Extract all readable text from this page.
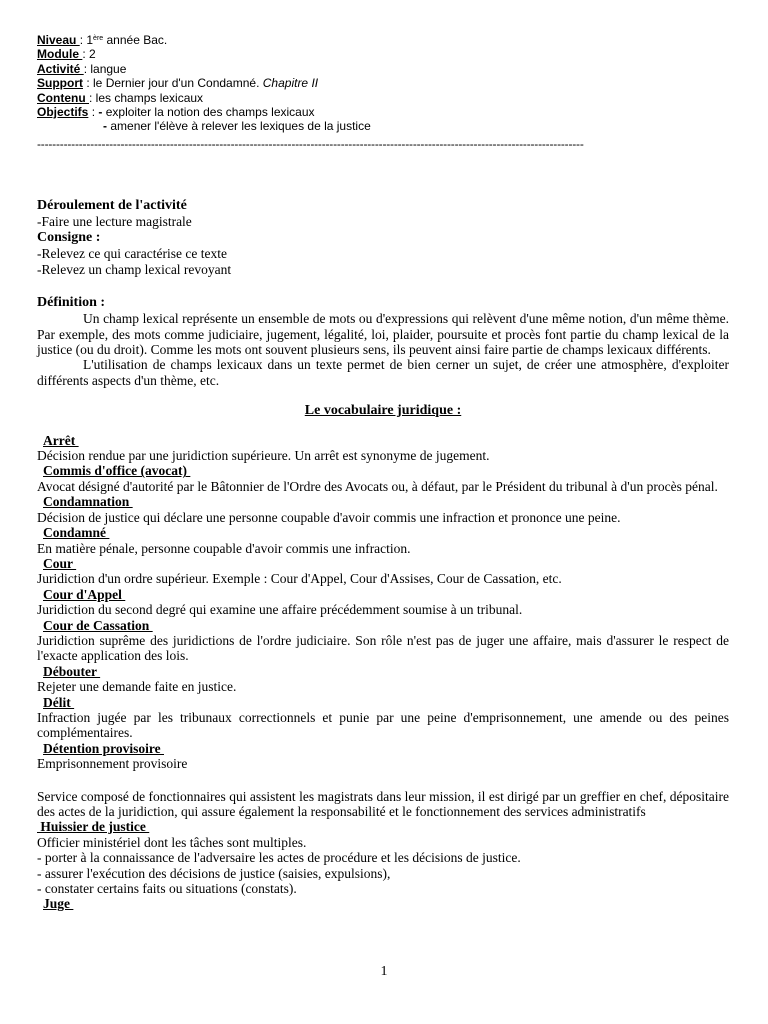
Niveau : 1ère année Bac.
Module : 2
Activité : langue
Support : le Dernier jour d'un Condamné. Chapitre II
Contenu : les champs lexicaux
Objectifs : - exploiter la notion des champs lexicaux
- amener l'élève à relever les lexiques de la justice
------------------------------------------------------------------------------------------------------------------------------------------------
Déroulement de l'activité
-Faire une lecture magistrale
Consigne :
-Relevez ce qui caractérise ce texte
-Relevez un champ lexical revoyant
Définition :
Un champ lexical représente un ensemble de mots ou d'expressions qui relèvent d'une même notion, d'un même thème. Par exemple, des mots comme judiciaire, jugement, légalité, loi, plaider, poursuite et procès font partie du champ lexical de la justice (ou du droit). Comme les mots ont souvent plusieurs sens, ils peuvent ainsi faire partie de champs lexicaux différents.
L'utilisation de champs lexicaux dans un texte permet de bien cerner un sujet, de créer une atmosphère, d'exploiter différents aspects d'un thème, etc.
Le vocabulaire juridique :
Arrêt
Décision rendue par une juridiction supérieure. Un arrêt est synonyme de jugement.
Commis d'office (avocat)
Avocat désigné d'autorité par le Bâtonnier de l'Ordre des Avocats ou, à défaut, par le Président du tribunal à d'un procès pénal.
Condamnation
Décision de justice qui déclare une personne coupable d'avoir commis une infraction et prononce une peine.
Condamné
En matière pénale, personne coupable d'avoir commis une infraction.
Cour
Juridiction d'un ordre supérieur. Exemple : Cour d'Appel, Cour d'Assises, Cour de Cassation, etc.
Cour d'Appel
Juridiction du second degré qui examine une affaire précédemment soumise à un tribunal.
Cour de Cassation
Juridiction suprême des juridictions de l'ordre judiciaire. Son rôle n'est pas de juger une affaire, mais d'assurer le respect de l'exacte application des lois.
Débouter
Rejeter une demande faite en justice.
Délit
Infraction jugée par les tribunaux correctionnels et punie par une peine d'emprisonnement, une amende ou des peines complémentaires.
Détention provisoire
Emprisonnement provisoire
Service composé de fonctionnaires qui assistent les magistrats dans leur mission, il est dirigé par un greffier en chef, dépositaire des actes de la juridiction, qui assure également la responsabilité et le fonctionnement des services administratifs
Huissier de justice
Officier ministériel dont les tâches sont multiples.
- porter à la connaissance de l'adversaire les actes de procédure et les décisions de justice.
- assurer l'exécution des décisions de justice (saisies, expulsions),
- constater certains faits ou situations (constats).
Juge
1
